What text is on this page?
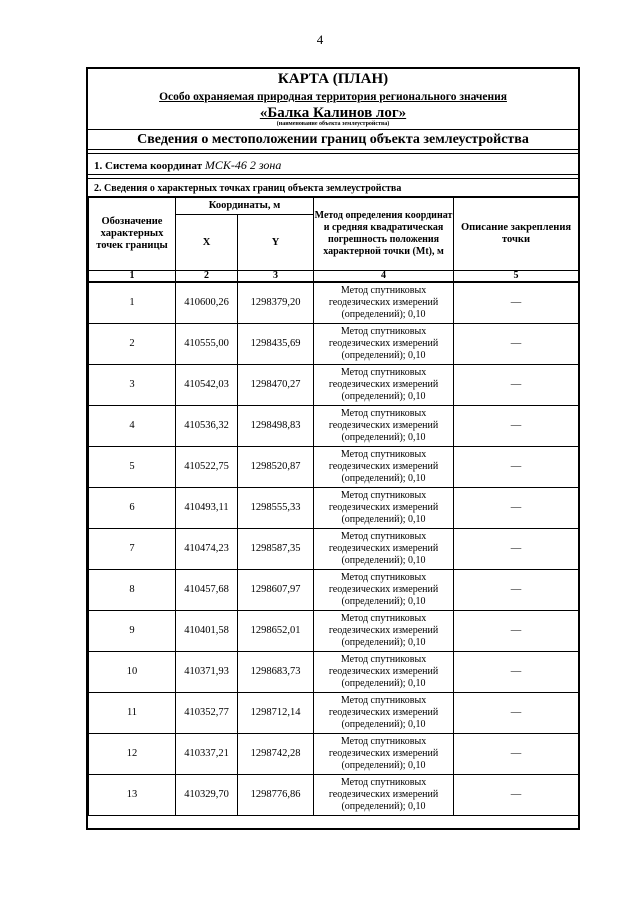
4
КАРТА (ПЛАН)
Особо охраняемая природная территория регионального значения
«Балка Калинов лог»
(наименование объекта землеустройства)
Сведения о местоположении границ объекта землеустройства
1. Система координат МСК-46 2 зона
2. Сведения о характерных точках границ объекта землеустройства
Обозначение характерных точек границы	Координаты, м		Метод определения координат и средняя квадратическая погрешность положения характерной точки (Mt), м	Описание закрепления точки
	X	Y		
1	2	3	4	5
1	410600,26	1298379,20	Метод спутниковых геодезических измерений (определений); 0,10	—
2	410555,00	1298435,69	Метод спутниковых геодезических измерений (определений); 0,10	—
3	410542,03	1298470,27	Метод спутниковых геодезических измерений (определений); 0,10	—
4	410536,32	1298498,83	Метод спутниковых геодезических измерений (определений); 0,10	—
5	410522,75	1298520,87	Метод спутниковых геодезических измерений (определений); 0,10	—
6	410493,11	1298555,33	Метод спутниковых геодезических измерений (определений); 0,10	—
7	410474,23	1298587,35	Метод спутниковых геодезических измерений (определений); 0,10	—
8	410457,68	1298607,97	Метод спутниковых геодезических измерений (определений); 0,10	—
9	410401,58	1298652,01	Метод спутниковых геодезических измерений (определений); 0,10	—
10	410371,93	1298683,73	Метод спутниковых геодезических измерений (определений); 0,10	—
11	410352,77	1298712,14	Метод спутниковых геодезических измерений (определений); 0,10	—
12	410337,21	1298742,28	Метод спутниковых геодезических измерений (определений); 0,10	—
13	410329,70	1298776,86	Метод спутниковых геодезических измерений (определений); 0,10	—
